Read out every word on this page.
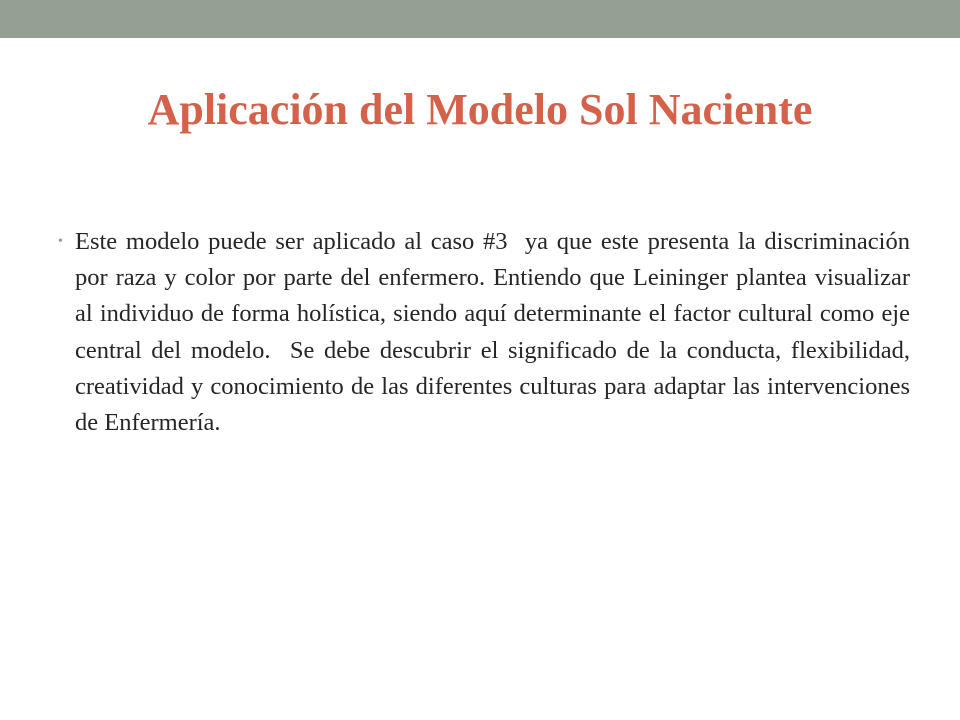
Aplicación del Modelo Sol Naciente
• Este modelo puede ser aplicado al caso #3  ya que este presenta la discriminación por raza y color por parte del enfermero. Entiendo que Leininger plantea visualizar al individuo de forma holística, siendo aquí determinante el factor cultural como eje central del modelo.  Se debe descubrir el significado de la conducta, flexibilidad, creatividad y conocimiento de las diferentes culturas para adaptar las intervenciones de Enfermería.
